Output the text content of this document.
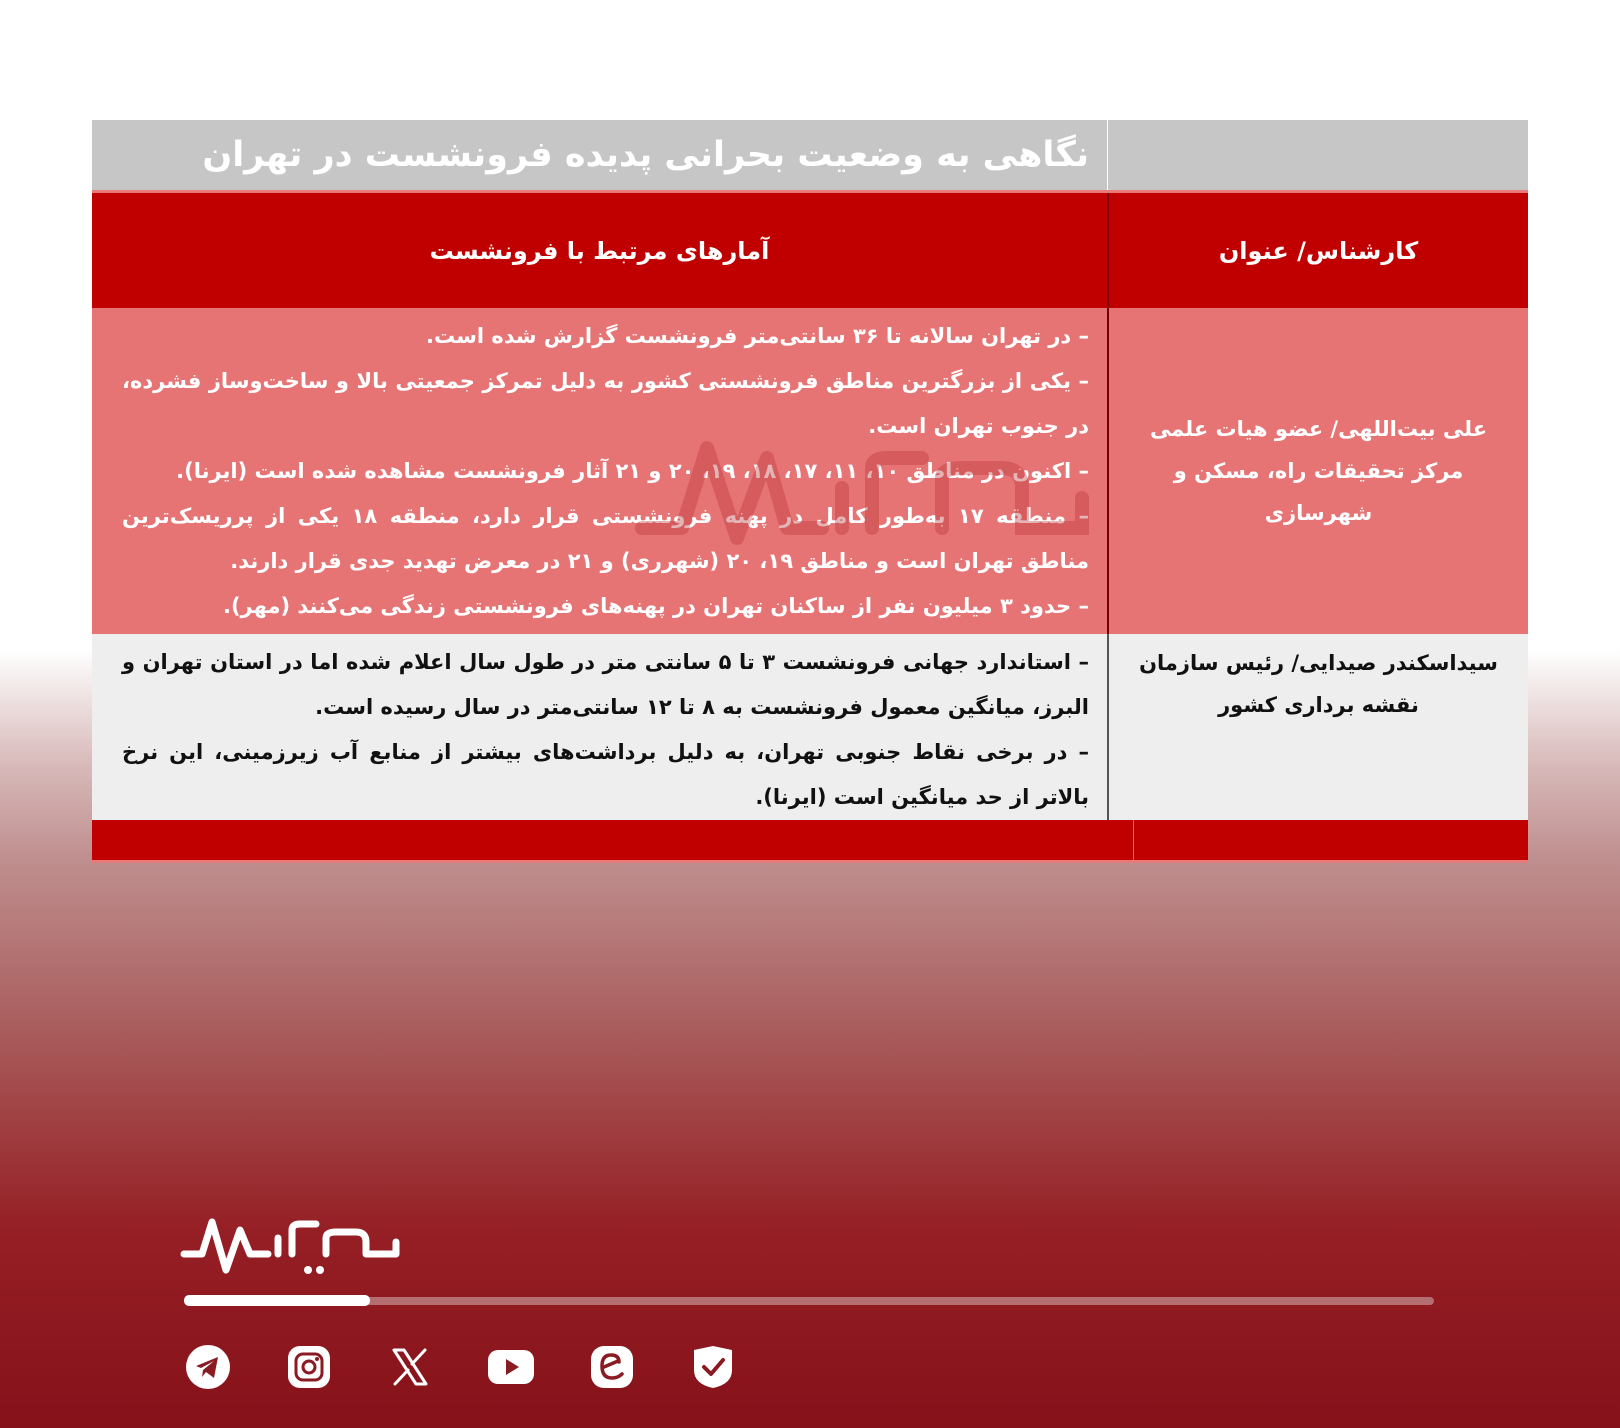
نگاهی به وضعیت بحرانی پدیده فرونشست در تهران
کارشناس/ عنوان
آمارهای مرتبط با فرونشست
علی بیت‌اللهی/ عضو هیات علمی مرکز تحقیقات راه، مسکن و شهرسازی
– در تهران سالانه تا ۳۶ سانتی‌متر فرونشست گزارش شده است.
– یکی از بزرگترین مناطق فرونشستی کشور به دلیل تمرکز جمعیتی بالا و ساخت‌وساز فشرده، در جنوب تهران است.
– اکنون در مناطق ۱۰، ۱۱، ۱۷، ۱۸، ۱۹، ۲۰ و ۲۱ آثار فرونشست مشاهده شده است (ایرنا).
– منطقه ۱۷ به‌طور کامل در پهنه فرونشستی قرار دارد، منطقه ۱۸ یکی از پرریسک‌ترین مناطق تهران است و مناطق ۱۹، ۲۰ (شهرری) و ۲۱ در معرض تهدید جدی قرار دارند.
– حدود ۳ میلیون نفر از ساکنان تهران در پهنه‌های فرونشستی زندگی می‌کنند (مهر).
سیداسکندر صیدایی/ رئیس سازمان نقشه برداری کشور
– استاندارد جهانی فرونشست ۳ تا ۵ سانتی متر در طول سال اعلام شده اما در استان تهران و البرز، میانگین معمول فرونشست به ۸ تا ۱۲ سانتی‌متر در سال رسیده است.
– در برخی نقاط جنوبی تهران، به دلیل برداشت‌های بیشتر از منابع آب زیرزمینی، این نرخ بالاتر از حد میانگین است (ایرنا).
